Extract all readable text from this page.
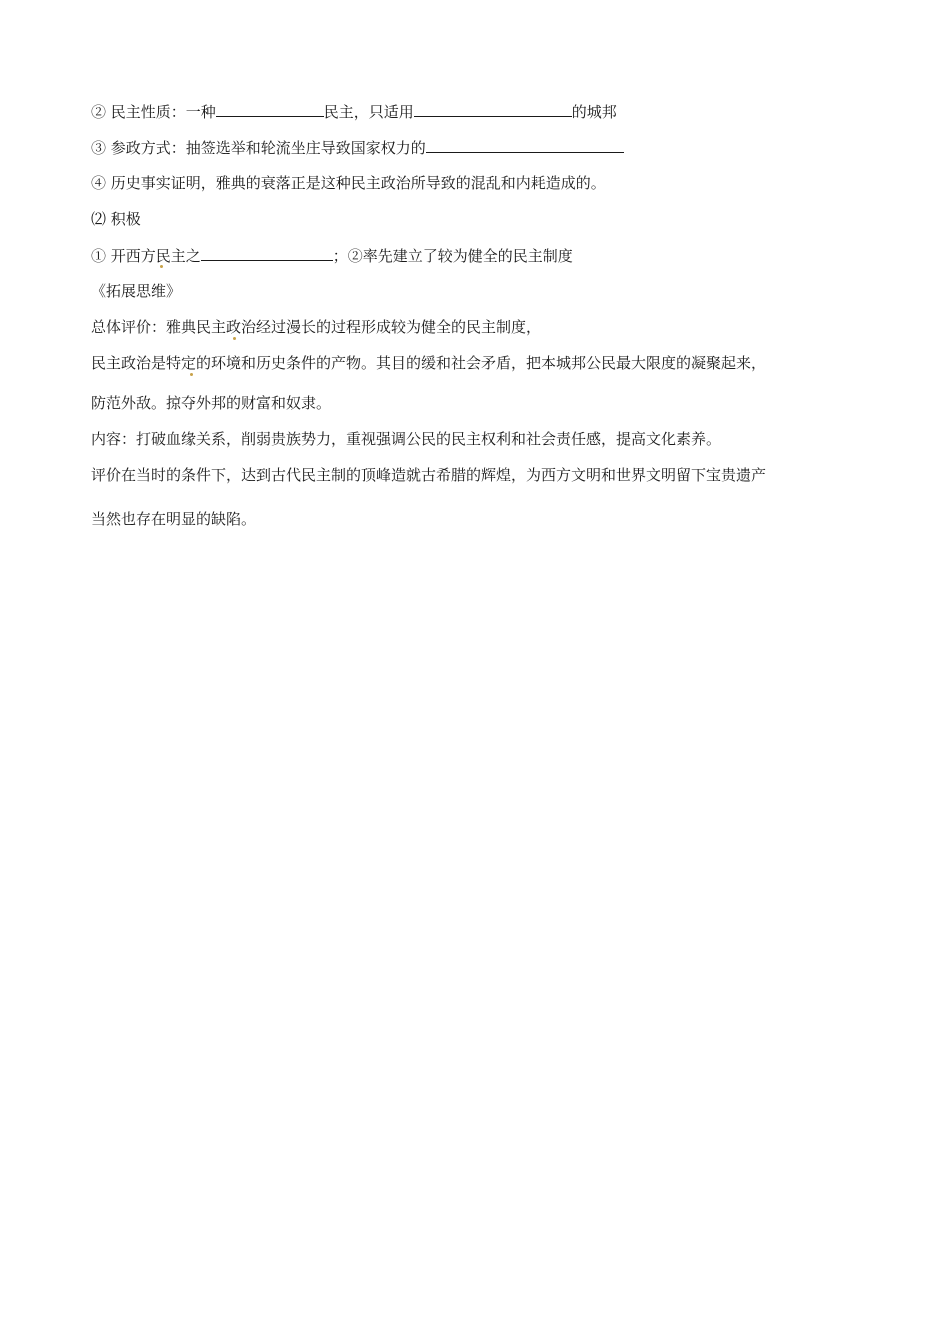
② 民主性质：一种	民主，只适用	的城邦
③ 参政方式：抽签选举和轮流坐庄导致国家权力的
④ 历史事实证明，雅典的衰落正是这种民主政治所导致的混乱和内耗造成的。
⑵ 积极
① 开西方民主之	；②率先建立了较为健全的民主制度
《拓展思维》
总体评价：雅典民主政治经过漫长的过程形成较为健全的民主制度，
民主政治是特定的环境和历史条件的产物。其目的缓和社会矛盾，把本城邦公民最大限度的凝聚起来，
防范外敌。掠夺外邦的财富和奴隶。
内容：打破血缘关系，削弱贵族势力，重视强调公民的民主权利和社会责任感，提高文化素养。
评价在当时的条件下，达到古代民主制的顶峰造就古希腊的辉煌，为西方文明和世界文明留下宝贵遗产
当然也存在明显的缺陷。
